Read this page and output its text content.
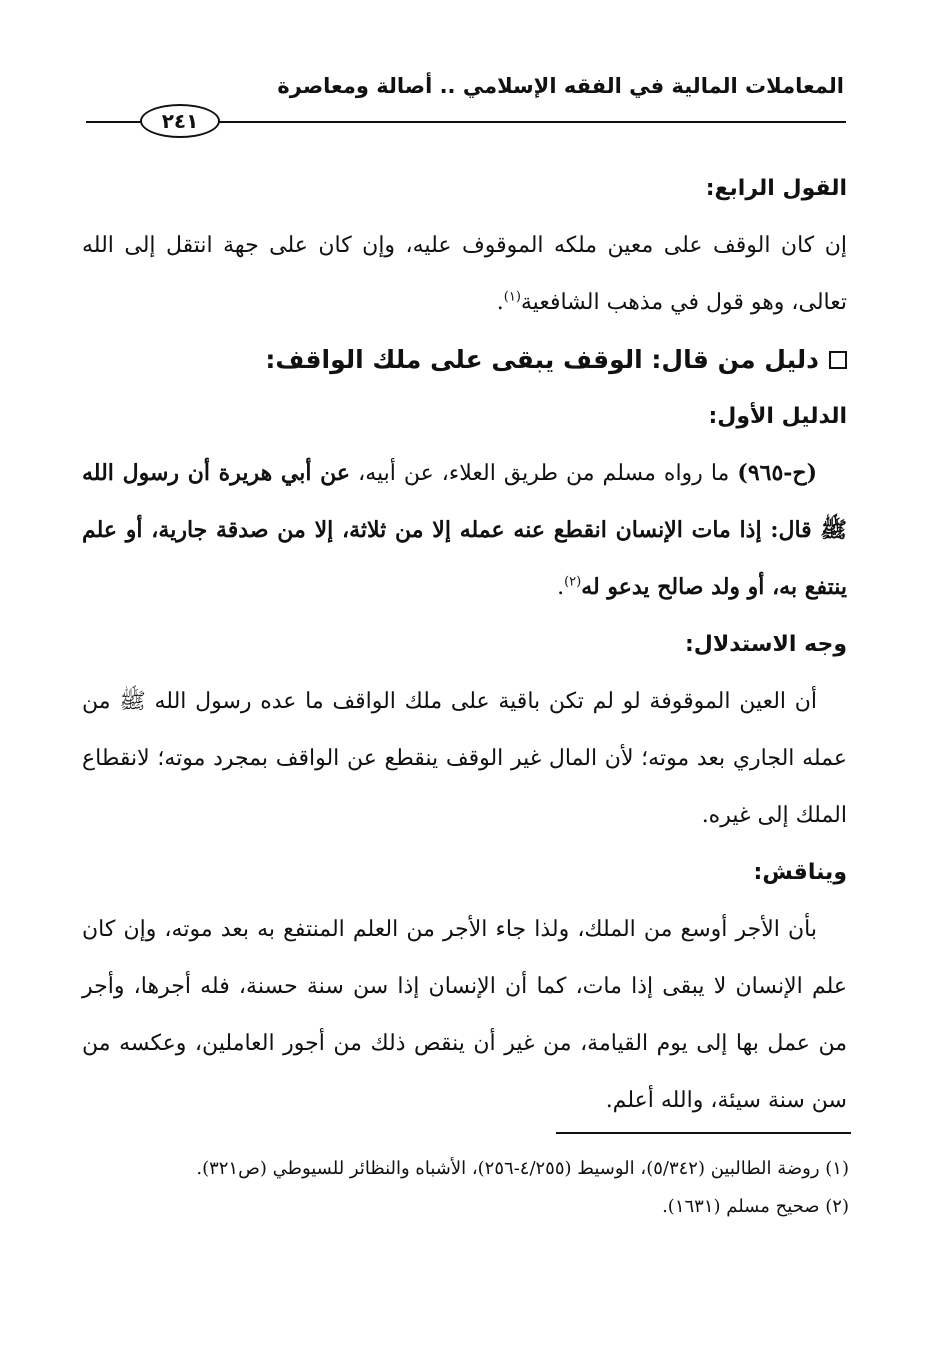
المعاملات المالية في الفقه الإسلامي .. أصالة ومعاصرة
٢٤١

القول الرابع:

إن كان الوقف على معين ملكه الموقوف عليه، وإن كان على جهة انتقل إلى الله تعالى، وهو قول في مذهب الشافعية$^{(١)}$.

دليل من قال: الوقف يبقى على ملك الواقف:

الدليل الأول:

(ح-٩٦٥) ما رواه مسلم من طريق العلاء، عن أبيه، عن أبي هريرة أن رسول الله ﷺ قال: إذا مات الإنسان انقطع عنه عمله إلا من ثلاثة، إلا من صدقة جارية، أو علم ينتفع به، أو ولد صالح يدعو له$^{(٢)}$.

وجه الاستدلال:

أن العين الموقوفة لو لم تكن باقية على ملك الواقف ما عده رسول الله ﷺ من عمله الجاري بعد موته؛ لأن المال غير الوقف ينقطع عن الواقف بمجرد موته؛ لانقطاع الملك إلى غيره.

ويناقش:

بأن الأجر أوسع من الملك، ولذا جاء الأجر من العلم المنتفع به بعد موته، وإن كان علم الإنسان لا يبقى إذا مات، كما أن الإنسان إذا سن سنة حسنة، فله أجرها، وأجر من عمل بها إلى يوم القيامة، من غير أن ينقص ذلك من أجور العاملين، وعكسه من سن سنة سيئة، والله أعلم.

(١) روضة الطالبين (٥/٣٤٢)، الوسيط (٤/٢٥٥-٢٥٦)، الأشباه والنظائر للسيوطي (ص٣٢١).

(٢) صحيح مسلم (١٦٣١).
